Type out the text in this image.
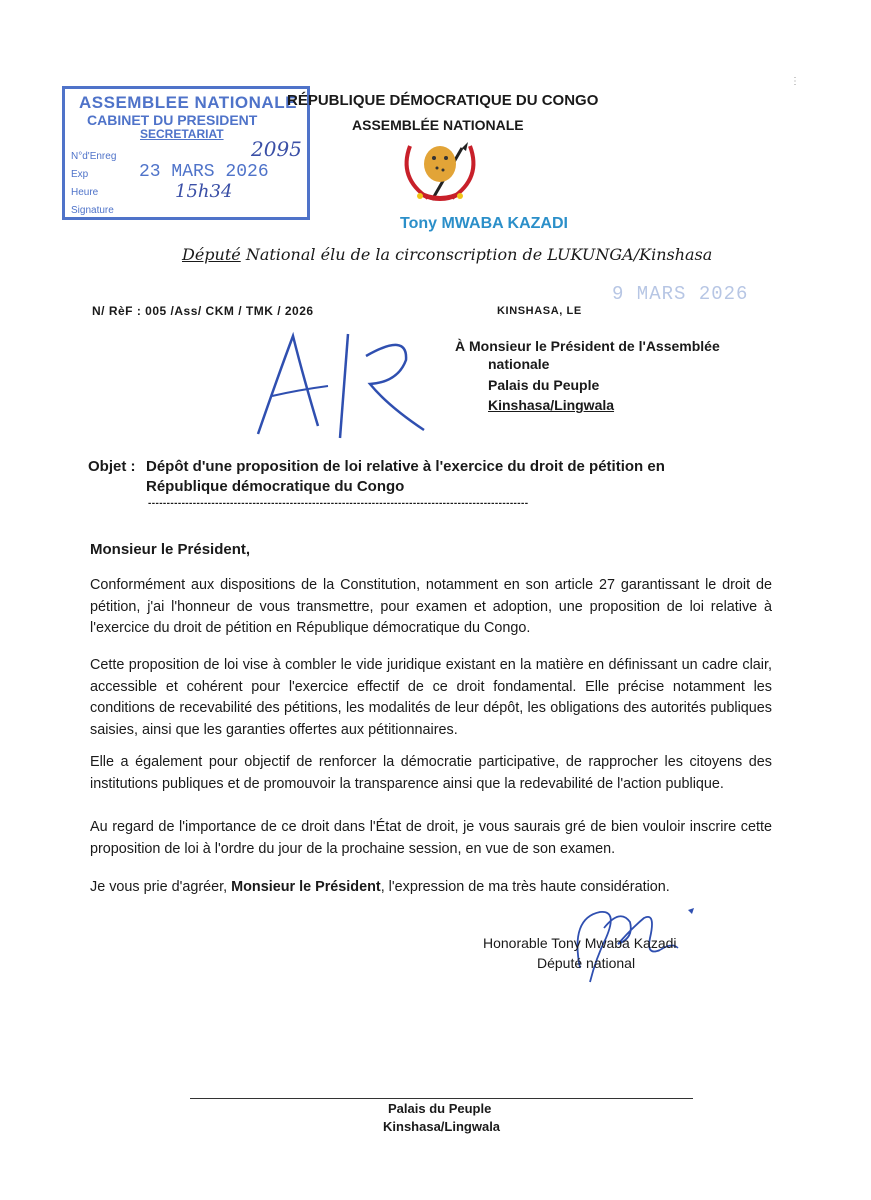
ASSEMBLEE NATIONALE
CABINET DU PRESIDENT
SECRETARIAT
N°d'Enreg
Exp
Heure
Signature
2095
23 MARS 2026
15h34
RÉPUBLIQUE DÉMOCRATIQUE DU CONGO
ASSEMBLÉE NATIONALE
Tony MWABA KAZADI
Député National élu de la circonscription de LUKUNGA/Kinshasa
N/ RèF : 005 /Ass/ CKM / TMK / 2026	KINSHASA, LE
9 MARS 2026
À Monsieur le Président de l'Assemblée
nationale
Palais du Peuple
Kinshasa/Lingwala
Objet : Dépôt d'une proposition de loi relative à l'exercice du droit de pétition en
République démocratique du Congo
------------------------------------------------------------------------------------------------------
Monsieur le Président,
Conformément aux dispositions de la Constitution, notamment en son article 27 garantissant le droit de pétition, j'ai l'honneur de vous transmettre, pour examen et adoption, une proposition de loi relative à l'exercice du droit de pétition en République démocratique du Congo.
Cette proposition de loi vise à combler le vide juridique existant en la matière en définissant un cadre clair, accessible et cohérent pour l'exercice effectif de ce droit fondamental. Elle précise notamment les conditions de recevabilité des pétitions, les modalités de leur dépôt, les obligations des autorités publiques saisies, ainsi que les garanties offertes aux pétitionnaires.
Elle a également pour objectif de renforcer la démocratie participative, de rapprocher les citoyens des institutions publiques et de promouvoir la transparence ainsi que la redevabilité de l'action publique.
Au regard de l'importance de ce droit dans l'État de droit, je vous saurais gré de bien vouloir inscrire cette proposition de loi à l'ordre du jour de la prochaine session, en vue de son examen.
Je vous prie d'agréer, Monsieur le Président, l'expression de ma très haute considération.
Honorable Tony Mwaba Kazadi
Député national
Palais du Peuple
Kinshasa/Lingwala
⋮
